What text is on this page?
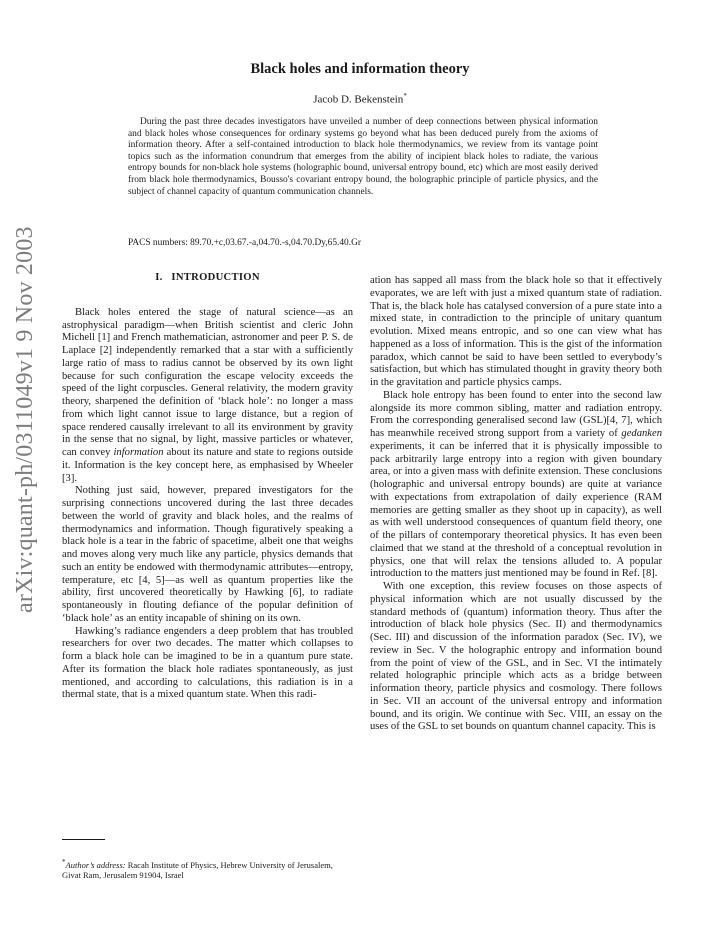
arXiv:quant-ph/0311049v1 9 Nov 2003
Black holes and information theory
Jacob D. Bekenstein*

During the past three decades investigators have unveiled a number of deep connections between physical information and black holes whose consequences for ordinary systems go beyond what has been deduced purely from the axioms of information theory. After a self-contained introduction to black hole thermodynamics, we review from its vantage point topics such as the information conundrum that emerges from the ability of incipient black holes to radiate, the various entropy bounds for non-black hole systems (holographic bound, universal entropy bound, etc) which are most easily derived from black hole thermodynamics, Bousso's covariant entropy bound, the holographic principle of particle physics, and the subject of channel capacity of quantum communication channels.

PACS numbers: 89.70.+c,03.67.-a,04.70.-s,04.70.Dy,65.40.Gr
I. INTRODUCTION

Black holes entered the stage of natural science—as an astrophysical paradigm—when British scientist and cleric John Michell [1] and French mathematician, astronomer and peer P. S. de Laplace [2] independently remarked that a star with a sufficiently large ratio of mass to radius cannot be observed by its own light because for such configuration the escape velocity exceeds the speed of the light corpuscles. General relativity, the modern gravity theory, sharpened the definition of ‘black hole’: no longer a mass from which light cannot issue to large distance, but a region of space rendered causally irrelevant to all its environment by gravity in the sense that no signal, by light, massive particles or whatever, can convey information about its nature and state to regions outside it. Information is the key concept here, as emphasised by Wheeler [3].

Nothing just said, however, prepared investigators for the surprising connections uncovered during the last three decades between the world of gravity and black holes, and the realms of thermodynamics and information. Though figuratively speaking a black hole is a tear in the fabric of spacetime, albeit one that weighs and moves along very much like any particle, physics demands that such an entity be endowed with thermodynamic attributes—entropy, temperature, etc [4, 5]—as well as quantum properties like the ability, first uncovered theoretically by Hawking [6], to radiate spontaneously in flouting defiance of the popular definition of ‘black hole’ as an entity incapable of shining on its own.

Hawking’s radiance engenders a deep problem that has troubled researchers for over two decades. The matter which collapses to form a black hole can be imagined to be in a quantum pure state. After its formation the black hole radiates spontaneously, as just mentioned, and according to calculations, this radiation is in a thermal state, that is a mixed quantum state. When this radi-

ation has sapped all mass from the black hole so that it effectively evaporates, we are left with just a mixed quantum state of radiation. That is, the black hole has catalysed conversion of a pure state into a mixed state, in contradiction to the principle of unitary quantum evolution. Mixed means entropic, and so one can view what has happened as a loss of information. This is the gist of the information paradox, which cannot be said to have been settled to everybody’s satisfaction, but which has stimulated thought in gravity theory both in the gravitation and particle physics camps.

Black hole entropy has been found to enter into the second law alongside its more common sibling, matter and radiation entropy. From the corresponding generalised second law (GSL)[4, 7], which has meanwhile received strong support from a variety of gedanken experiments, it can be inferred that it is physically impossible to pack arbitrarily large entropy into a region with given boundary area, or into a given mass with definite extension. These conclusions (holographic and universal entropy bounds) are quite at variance with expectations from extrapolation of daily experience (RAM memories are getting smaller as they shoot up in capacity), as well as with well understood consequences of quantum field theory, one of the pillars of contemporary theoretical physics. It has even been claimed that we stand at the threshold of a conceptual revolution in physics, one that will relax the tensions alluded to. A popular introduction to the matters just mentioned may be found in Ref. [8].

With one exception, this review focuses on those aspects of physical information which are not usually discussed by the standard methods of (quantum) information theory. Thus after the introduction of black hole physics (Sec. II) and thermodynamics (Sec. III) and discussion of the information paradox (Sec. IV), we review in Sec. V the holographic entropy and information bound from the point of view of the GSL, and in Sec. VI the intimately related holographic principle which acts as a bridge between information theory, particle physics and cosmology. There follows in Sec. VII an account of the universal entropy and information bound, and its origin. We continue with Sec. VIII, an essay on the uses of the GSL to set bounds on quantum channel capacity. This is

*Author’s address: Racah Institute of Physics, Hebrew University of Jerusalem, Givat Ram, Jerusalem 91904, Israel
